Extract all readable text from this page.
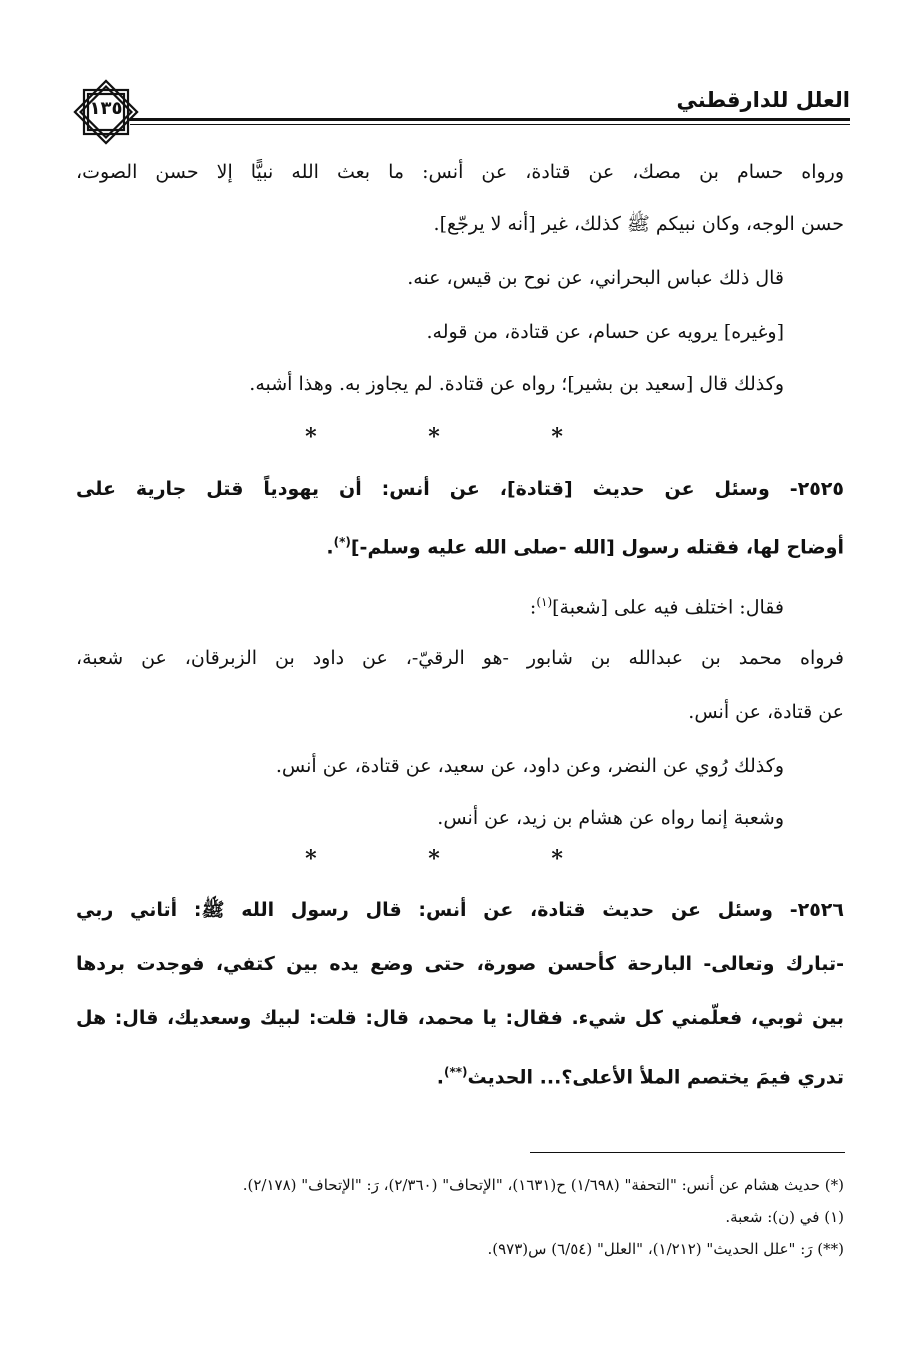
١٣٥	العلل للدارقطني
ورواه حسام بن مصك، عن قتادة، عن أنس: ما بعث الله نبيًّا إلا حسن الصوت،
حسن الوجه، وكان نبيكم ﷺ كذلك، غير [أنه لا يرجّع].
قال ذلك عباس البحراني، عن نوح بن قيس، عنه.
[وغيره] يرويه عن حسام، عن قتادة، من قوله.
وكذلك قال [سعيد بن بشير]؛ رواه عن قتادة. لم يجاوز به. وهذا أشبه.
* * *
٢٥٢٥- وسئل عن حديث [قتادة]، عن أنس: أن يهودياً قتل جارية على
أوضاح لها، فقتله رسول [الله -صلى الله عليه وسلم-](*).
فقال: اختلف فيه على [شعبة]$^{(١)}$:
فرواه محمد بن عبدالله بن شابور -هو الرقيّ-، عن داود بن الزبرقان، عن شعبة،
عن قتادة، عن أنس.
وكذلك رُوي عن النضر، وعن داود، عن سعيد، عن قتادة، عن أنس.
وشعبة إنما رواه عن هشام بن زيد، عن أنس.
* * *
٢٥٢٦- وسئل عن حديث قتادة، عن أنس: قال رسول الله ﷺ: أتاني ربي
-تبارك وتعالى- البارحة كأحسن صورة، حتى وضع يده بين كتفي، فوجدت بردها
بين ثوبي، فعلّمني كل شيء. فقال: يا محمد، قال: قلت: لبيك وسعديك، قال: هل
تدري فيمَ يختصم الملأ الأعلى؟... الحديث(**).
(*) حديث هشام عن أنس: "التحفة" (١/٦٩٨) ح(١٦٣١)، "الإتحاف" (٢/٣٦٠)، رَ: "الإتحاف" (٢/١٧٨).
(١) في (ن): شعبة.
(**) رَ: "علل الحديث" (١/٢١٢)، "العلل" (٦/٥٤) س(٩٧٣).
